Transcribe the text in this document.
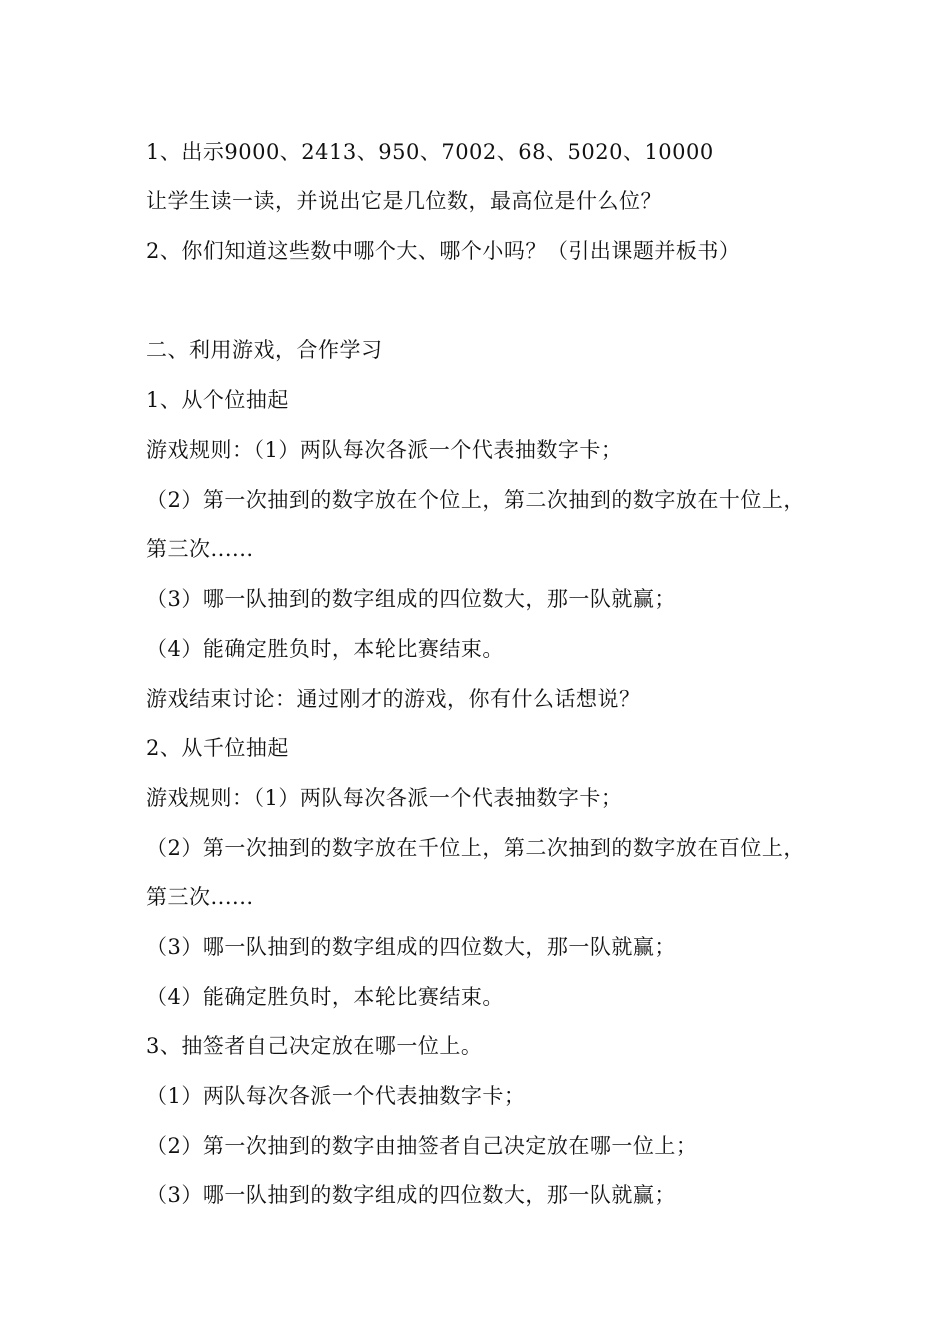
1、出示9000、2413、950、7002、68、5020、10000
让学生读一读，并说出它是几位数，最高位是什么位？
2、你们知道这些数中哪个大、哪个小吗？（引出课题并板书）
二、利用游戏，合作学习
1、从个位抽起
游戏规则：（1）两队每次各派一个代表抽数字卡；
（2）第一次抽到的数字放在个位上，第二次抽到的数字放在十位上，
第三次......
（3）哪一队抽到的数字组成的四位数大，那一队就赢；
（4）能确定胜负时，本轮比赛结束。
游戏结束讨论：通过刚才的游戏，你有什么话想说？
2、从千位抽起
游戏规则：（1）两队每次各派一个代表抽数字卡；
（2）第一次抽到的数字放在千位上，第二次抽到的数字放在百位上，
第三次......
（3）哪一队抽到的数字组成的四位数大，那一队就赢；
（4）能确定胜负时，本轮比赛结束。
3、抽签者自己决定放在哪一位上。
（1）两队每次各派一个代表抽数字卡；
（2）第一次抽到的数字由抽签者自己决定放在哪一位上；
（3）哪一队抽到的数字组成的四位数大，那一队就赢；
